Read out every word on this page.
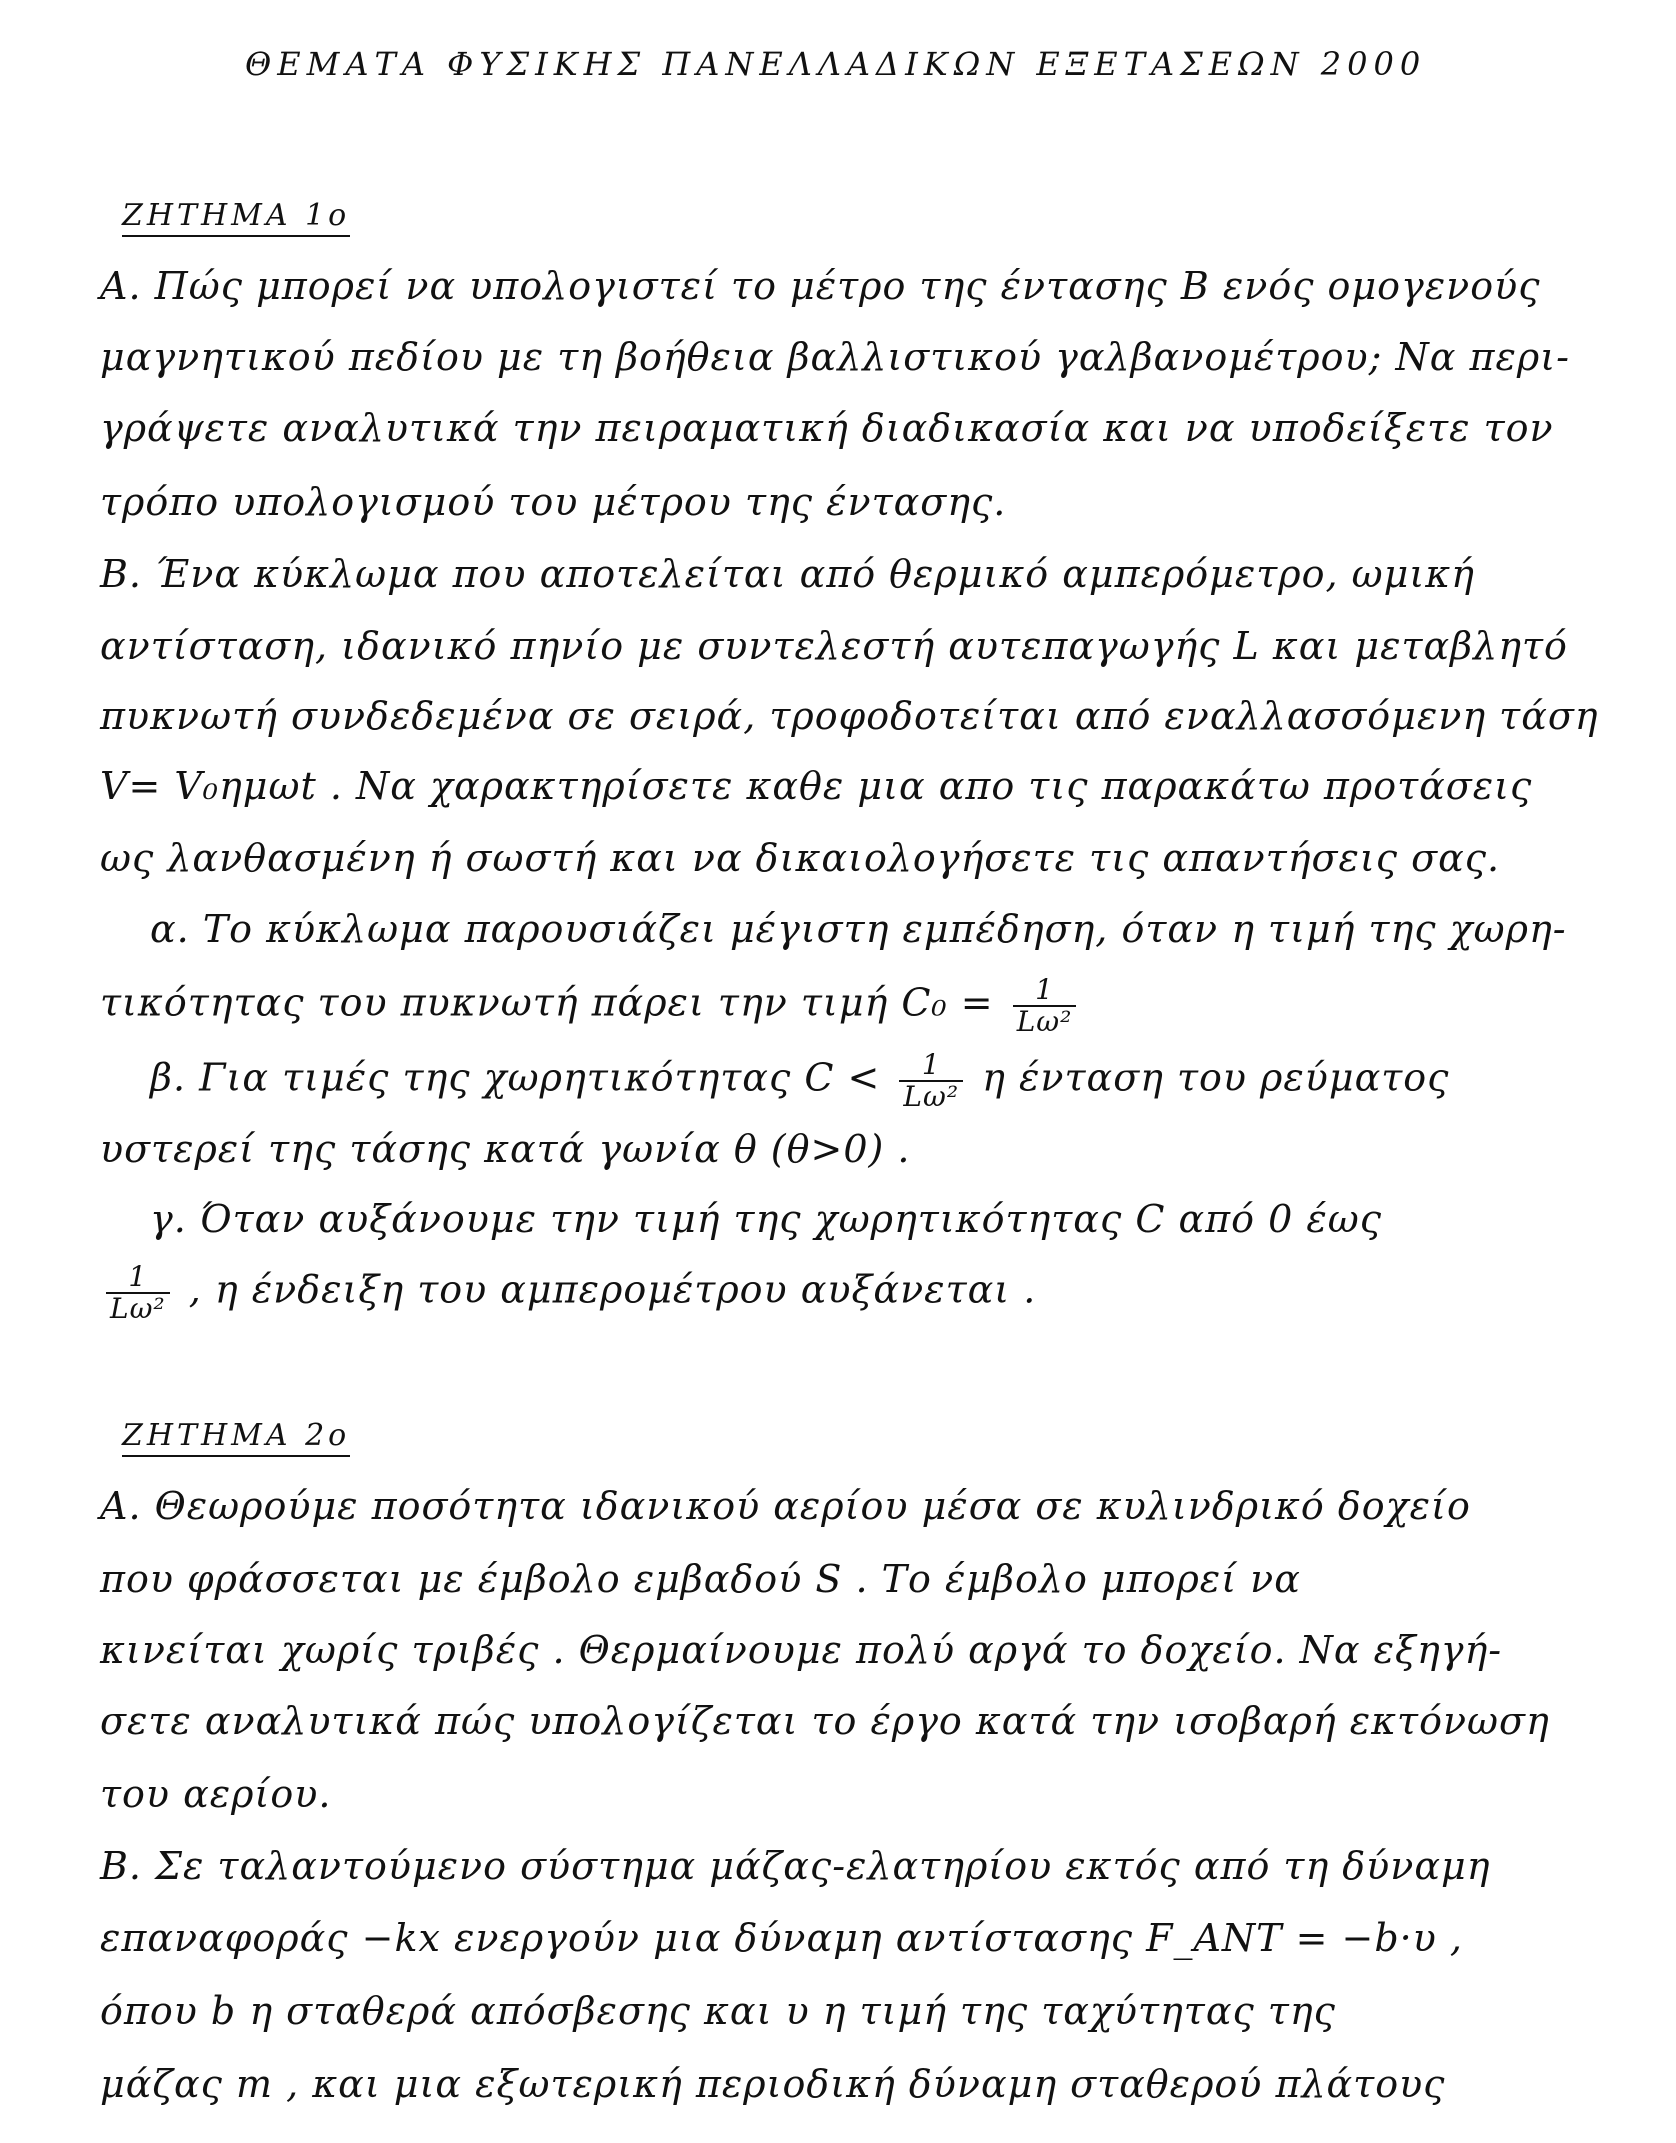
ΘΕΜΑΤΑ ΦΥΣΙΚΗΣ ΠΑΝΕΛΛΑΔΙΚΩΝ ΕΞΕΤΑΣΕΩΝ 2000
ΖΗΤΗΜΑ 1ο
A. Πώς μπορεί να υπολογιστεί το μέτρο της έντασης B ενός ομογενούς
μαγνητικού πεδίου με τη βοήθεια βαλλιστικού γαλβανομέτρου; Να περι-
γράψετε αναλυτικά την πειραματική διαδικασία και να υποδείξετε τον
τρόπο υπολογισμού του μέτρου της έντασης.
B. Ένα κύκλωμα που αποτελείται από θερμικό αμπερόμετρο, ωμική
αντίσταση, ιδανικό πηνίο με συντελεστή αυτεπαγωγής L και μεταβλητό
πυκνωτή συνδεδεμένα σε σειρά, τροφοδοτείται από εναλλασσόμενη τάση
V= V₀ημωt . Να χαρακτηρίσετε καθε μια απο τις παρακάτω προτάσεις
ως λανθασμένη ή σωστή και να δικαιολογήσετε τις απαντήσεις σας.
α. Το κύκλωμα παρουσιάζει μέγιστη εμπέδηση, όταν η τιμή της χωρη-
τικότητας του πυκνωτή πάρει την τιμή $C_0 = \frac{1}{\text{Lω²}}$
β. Για τιμές της χωρητικότητας $C < \frac{1}{\text{Lω²}}$ η ένταση του ρεύματος
υστερεί της τάσης κατά γωνία θ (θ>0) .
γ. Όταν αυξάνουμε την τιμή της χωρητικότητας C από 0 έως
$\frac{1}{\text{Lω²}}$ , η ένδειξη του αμπερομέτρου αυξάνεται .
ΖΗΤΗΜΑ 2ο
A. Θεωρούμε ποσότητα ιδανικού αερίου μέσα σε κυλινδρικό δοχείο
που φράσσεται με έμβολο εμβαδού S . Το έμβολο μπορεί να
κινείται χωρίς τριβές . Θερμαίνουμε πολύ αργά το δοχείο. Να εξηγή-
σετε αναλυτικά πώς υπολογίζεται το έργο κατά την ισοβαρή εκτόνωση
του αερίου.
B. Σε ταλαντούμενο σύστημα μάζας-ελατηρίου εκτός από τη δύναμη
επαναφοράς −kx ενεργούν μια δύναμη αντίστασης F_ANT = −b·υ ,
όπου b η σταθερά απόσβεσης και υ η τιμή της ταχύτητας της
μάζας m , και μια εξωτερική περιοδική δύναμη σταθερού πλάτους
